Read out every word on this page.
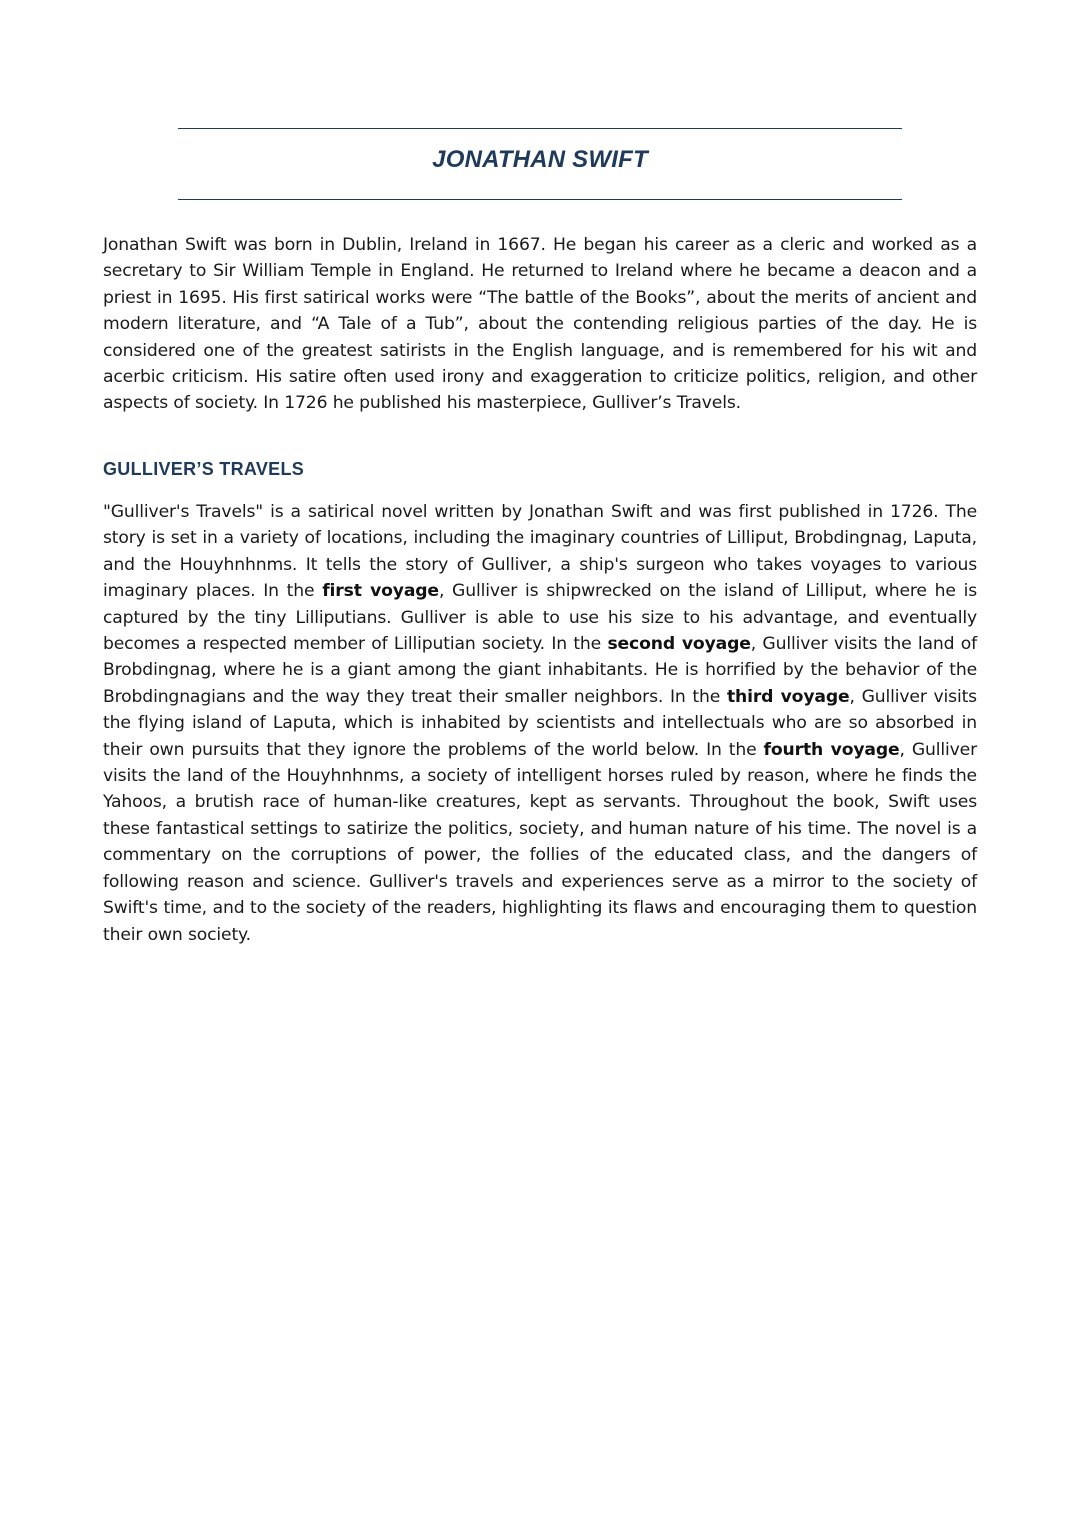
JONATHAN SWIFT

Jonathan Swift was born in Dublin, Ireland in 1667. He began his career as a cleric and worked as a secretary to Sir William Temple in England. He returned to Ireland where he became a deacon and a priest in 1695. His first satirical works were “The battle of the Books”, about the merits of ancient and modern literature, and “A Tale of a Tub”, about the contending religious parties of the day. He is considered one of the greatest satirists in the English language, and is remembered for his wit and acerbic criticism. His satire often used irony and exaggeration to criticize politics, religion, and other aspects of society. In 1726 he published his masterpiece, Gulliver’s Travels.

GULLIVER’S TRAVELS

"Gulliver's Travels" is a satirical novel written by Jonathan Swift and was first published in 1726. The story is set in a variety of locations, including the imaginary countries of Lilliput, Brobdingnag, Laputa, and the Houyhnhnms. It tells the story of Gulliver, a ship's surgeon who takes voyages to various imaginary places. In the first voyage, Gulliver is shipwrecked on the island of Lilliput, where he is captured by the tiny Lilliputians. Gulliver is able to use his size to his advantage, and eventually becomes a respected member of Lilliputian society. In the second voyage, Gulliver visits the land of Brobdingnag, where he is a giant among the giant inhabitants. He is horrified by the behavior of the Brobdingnagians and the way they treat their smaller neighbors. In the third voyage, Gulliver visits the flying island of Laputa, which is inhabited by scientists and intellectuals who are so absorbed in their own pursuits that they ignore the problems of the world below. In the fourth voyage, Gulliver visits the land of the Houyhnhnms, a society of intelligent horses ruled by reason, where he finds the Yahoos, a brutish race of human-like creatures, kept as servants. Throughout the book, Swift uses these fantastical settings to satirize the politics, society, and human nature of his time. The novel is a commentary on the corruptions of power, the follies of the educated class, and the dangers of following reason and science. Gulliver's travels and experiences serve as a mirror to the society of Swift's time, and to the society of the readers, highlighting its flaws and encouraging them to question their own society.
